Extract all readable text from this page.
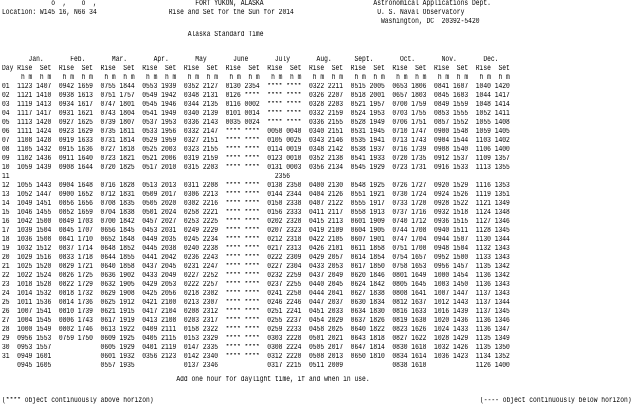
o  ,    o  ,                          FORT YUKON, ALASKA                             Astronomical Applications Dept.
Location: W145 16, N66 34                   Rise and Set for the Sun for 2014                      U. S. Naval Observatory
Washington, DC  20392-5420
Alaska Standard Time
Jan.       Feb.       Mar.       Apr.       May       June       July       Aug.      Sept.       Oct.       Nov.       Dec.
Day Rise  Set  Rise  Set  Rise  Set  Rise  Set  Rise  Set  Rise  Set  Rise  Set  Rise  Set  Rise  Set  Rise  Set  Rise  Set  Rise  Set
h m  h m   h m  h m   h m  h m   h m  h m   h m  h m   h m  h m   h m  h m   h m  h m   h m  h m   h m  h m   h m  h m   h m  h m
01  1123 1407  0942 1659  0755 1844  0553 1939  0352 2127  0130 2354  **** ****  0322 2211  0515 2005  0653 1806  0841 1607  1040 1420
02  1121 1410  0938 1613  0751 1757  0549 1942  0348 2131  0126 ****  **** ****  0326 2207  0518 2001  0657 1803  0845 1603  1044 1417
03  1119 1413  0934 1617  0747 1801  0545 1946  0344 2135  0116 0002  **** ****  0328 2203  0521 1957  0700 1759  0849 1559  1048 1414
04  1117 1417  0931 1621  0743 1804  0541 1949  0340 2139  0101 0014  **** ****  0332 2159  0524 1953  0703 1755  0853 1555  1052 1411
05  1113 1420  0927 1625  0739 1807  0537 1953  0336 2143  0035 0024  **** ****  0336 2155  0528 1949  0706 1751  0857 1552  1055 1408
06  1111 1424  0923 1629  0735 1811  0533 1956  0332 2147  **** ****  0050 0040  0340 2151  0531 1945  0710 1747  0900 1548  1059 1405
07  1108 1428  0919 1633  0731 1814  0529 1959  0327 2151  **** ****  0105 0025  0343 2146  0535 1941  0713 1743  0904 1544  1103 1402
08  1105 1432  0915 1636  0727 1818  0525 2003  0323 2155  **** ****  0114 0019  0348 2142  0538 1937  0716 1739  0908 1540  1106 1400
09  1102 1436  0911 1640  0723 1821  0521 2006  0319 2159  **** ****  0123 0010  0352 2138  0541 1933  0720 1735  0912 1537  1109 1357
10  1059 1439  0908 1644  0720 1825  0517 2010  0315 2203  **** ****  0131 0003  0356 2134  0545 1929  0723 1731  0916 1533  1113 1355
11                                                                      2356
12  1055 1443  0904 1648  0716 1828  0513 2013  0311 2208  **** ****  0138 2350  0400 2130  0548 1925  0726 1727  0920 1529  1116 1353
13  1052 1447  0900 1652  0712 1831  0509 2017  0306 2213  **** ****  0144 2344  0404 2126  0551 1921  0730 1724  0924 1526  1119 1351
14  1049 1451  0856 1656  0708 1835  0505 2020  0302 2216  **** ****  0150 2338  0407 2122  0555 1917  0733 1720  0928 1522  1121 1349
15  1046 1455  0852 1659  0704 1838  0501 2024  0258 2221  **** ****  0156 2333  0411 2117  0558 1913  0737 1716  0932 1518  1124 1348
16  1042 1500  0849 1703  0700 1842  0457 2027  0253 2225  **** ****  0202 2328  0415 2113  0601 1909  0740 1712  0936 1515  1127 1346
17  1039 1504  0845 1707  0656 1845  0453 2031  0249 2229  **** ****  0207 2323  0419 2109  0604 1905  0744 1708  0940 1511  1128 1345
18  1036 1508  0841 1710  0652 1848  0449 2035  0245 2234  **** ****  0212 2318  0422 2105  0607 1901  0747 1704  0944 1507  1130 1344
19  1032 1512  0837 1714  0648 1852  0445 2038  0240 2238  **** ****  0217 2313  0426 2101  0611 1858  0751 1700  0948 1504  1132 1343
20  1029 1516  0833 1718  0644 1855  0441 2042  0236 2243  **** ****  0222 2309  0429 2057  0614 1854  0754 1657  0952 1500  1133 1343
21  1025 1520  0829 1721  0640 1858  0437 2045  0231 2247  **** ****  0227 2304  0433 2053  0617 1850  0758 1653  0956 1457  1135 1342
22  1022 1524  0826 1725  0636 1902  0433 2049  0227 2252  **** ****  0232 2259  0437 2049  0620 1846  0801 1649  1000 1454  1136 1342
23  1018 1528  0822 1729  0632 1905  0429 2053  0222 2257  **** ****  0237 2255  0440 2045  0624 1842  0805 1645  1003 1450  1136 1343
24  1014 1532  0818 1732  0629 1908  0425 2056  0218 2302  **** ****  0241 2250  0444 2041  0627 1838  0808 1641  1007 1447  1137 1343
25  1011 1536  0814 1736  0625 1912  0421 2100  0213 2307  **** ****  0246 2246  0447 2037  0630 1834  0812 1637  1012 1443  1137 1344
26  1007 1541  0810 1739  0621 1915  0417 2104  0208 2312  **** ****  0251 2241  0451 2033  0634 1830  0816 1633  1016 1439  1137 1345
27  1004 1545  0806 1743  0617 1919  0413 2108  0203 2317  **** ****  0255 2237  0454 2029  0637 1826  0819 1630  1020 1436  1136 1346
28  1000 1549  0802 1746  0613 1922  0409 2111  0158 2322  **** ****  0259 2233  0458 2025  0640 1822  0823 1626  1024 1433  1136 1347
29  0956 1553  0759 1750  0609 1925  0405 2115  0153 2329  **** ****  0303 2228  0501 2021  0643 1818  0827 1622  1028 1429  1135 1349
30  0953 1557             0605 1929  0401 2119  0147 2335  **** ****  0308 2224  0505 2017  0647 1814  0830 1618  1032 1426  1135 1350
31  0949 1601             0601 1932  0356 2123  0142 2340  **** ****  0312 2220  0508 2013  0650 1810  0834 1614  1036 1423  1134 1352
0945 1605             0557 1935             0137 2346             0317 2215  0511 2009             0838 1610             1126 1400
Add one hour for daylight time, if and when in use.
(**** object continuously above horizon)	(---- object continuously below horizon)
